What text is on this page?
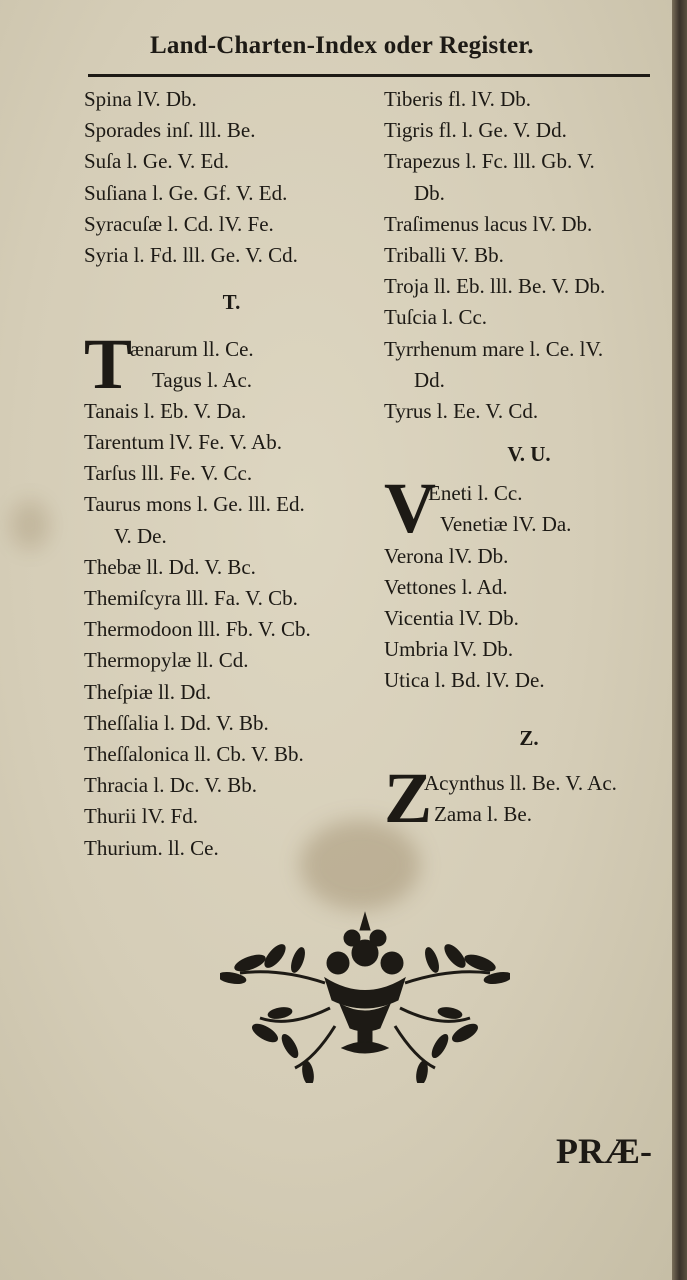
Land-Charten-Index oder Register.
Spina lV. Db.
Sporades inſ. lll. Be.
Suſa l. Ge. V. Ed.
Suſiana l. Ge. Gf. V. Ed.
Syracuſæ l. Cd. lV. Fe.
Syria l. Fd. lll. Ge. V. Cd.
T.
T
ænarum ll. Ce.
Tagus l. Ac.
Tanais l. Eb. V. Da.
Tarentum lV. Fe. V. Ab.
Tarſus lll. Fe. V. Cc.
Taurus mons l. Ge. lll. Ed.
V. De.
Thebæ ll. Dd. V. Bc.
Themiſcyra lll. Fa. V. Cb.
Thermodoon lll. Fb. V. Cb.
Thermopylæ ll. Cd.
Theſpiæ ll. Dd.
Theſſalia l. Dd. V. Bb.
Theſſalonica ll. Cb. V. Bb.
Thracia l. Dc. V. Bb.
Thurii lV. Fd.
Thurium. ll. Ce.
Tiberis fl. lV. Db.
Tigris fl. l. Ge. V. Dd.
Trapezus l. Fc. lll. Gb. V.
Db.
Traſimenus lacus lV. Db.
Triballi V. Bb.
Troja ll. Eb. lll. Be. V. Db.
Tuſcia l. Cc.
Tyrrhenum mare l. Ce. lV.
Dd.
Tyrus l. Ee. V. Cd.
V. U.
V
Eneti l. Cc.
Venetiæ lV. Da.
Verona lV. Db.
Vettones l. Ad.
Vicentia lV. Db.
Umbria lV. Db.
Utica l. Bd. lV. De.
Z.
Z
Acynthus ll. Be. V. Ac.
Zama l. Be.
PRÆ-
